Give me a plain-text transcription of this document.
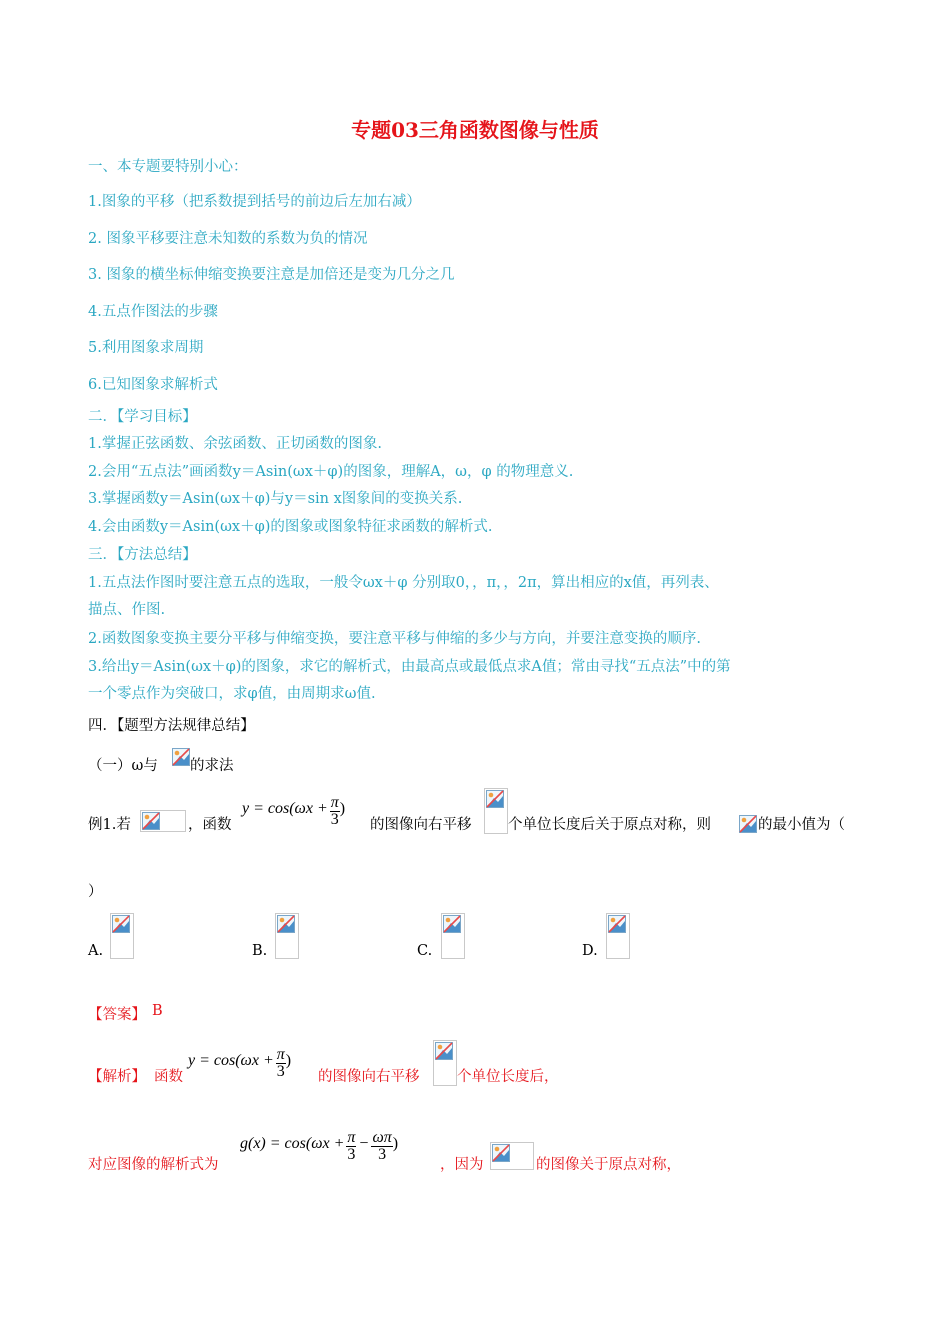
专题03三角函数图像与性质
一、本专题要特别小心：
1.图象的平移（把系数提到括号的前边后左加右减）
2. 图象平移要注意未知数的系数为负的情况
3. 图象的横坐标伸缩变换要注意是加倍还是变为几分之几
4.五点作图法的步骤
5.利用图象求周期
6.已知图象求解析式
二．【学习目标】
1.掌握正弦函数、余弦函数、正切函数的图象.
2.会用“五点法”画函数y＝Asin(ωx＋φ)的图象，理解A，ω，φ 的物理意义.
3.掌握函数y＝Asin(ωx＋φ)与y＝sin x图象间的变换关系.
4.会由函数y＝Asin(ωx＋φ)的图象或图象特征求函数的解析式.
三．【方法总结】
1.五点法作图时要注意五点的选取，一般令ωx＋φ 分别取0，，π，，2π，算出相应的x值，再列表、
描点、作图.
2.函数图象变换主要分平移与伸缩变换，要注意平移与伸缩的多少与方向，并要注意变换的顺序.
3.给出y＝Asin(ωx＋φ)的图象，求它的解析式，由最高点或最低点求A值；常由寻找“五点法”中的第
一个零点作为突破口，求φ值，由周期求ω值.
四．【题型方法规律总结】
（一）ω与 的求法
例1.若	，函数
$y = \cos(\omega x + \frac{\pi}{3}$ )
的图像向右平移	个单位长度后关于原点对称，则	的最小值为（
）
A.	B.	C.	D.
【答案】 B
【解析】 函数
$y = \cos(\omega x + \frac{\pi}{3}$ )
的图像向右平移	个单位长度后，
对应图像的解析式为
$g(x) = \cos(\omega x + \frac{\pi}{3} - \frac{\omega\pi}{3}$ )
，因为	的图像关于原点对称，
